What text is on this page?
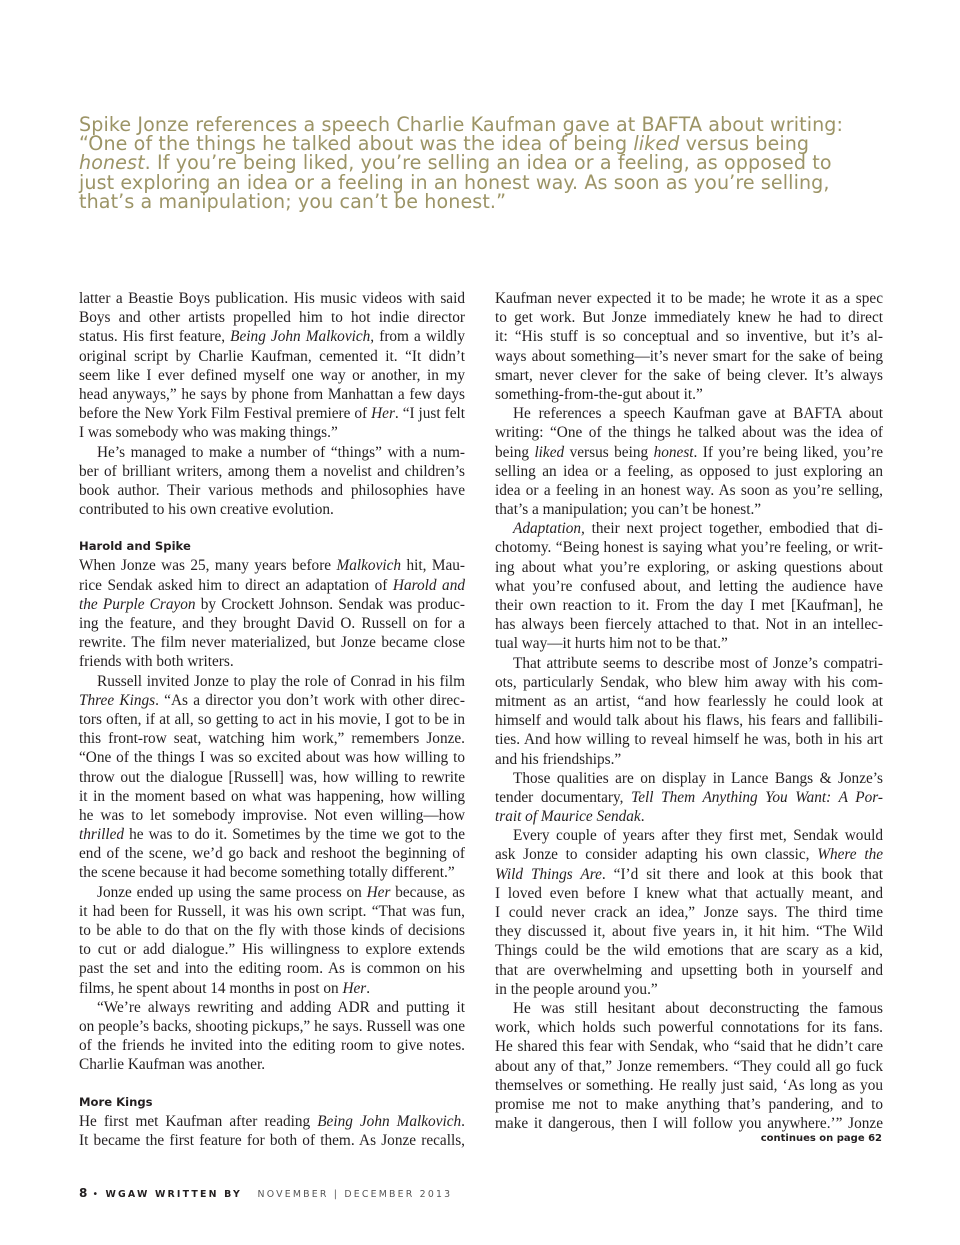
Spike Jonze references a speech Charlie Kaufman gave at BAFTA about writing:
“One of the things he talked about was the idea of being liked versus being
honest. If you’re being liked, you’re selling an idea or a feeling, as opposed to
just exploring an idea or a feeling in an honest way. As soon as you’re selling,
that’s a manipulation; you can’t be honest.”
latter a Beastie Boys publication. His music videos with said
Boys and other artists propelled him to hot indie director
status. His first feature, Being John Malkovich, from a wildly
original script by Charlie Kaufman, cemented it. “It didn’t
seem like I ever defined myself one way or another, in my
head anyways,” he says by phone from Manhattan a few days
before the New York Film Festival premiere of Her. “I just felt
I was somebody who was making things.”
He’s managed to make a number of “things” with a num-
ber of brilliant writers, among them a novelist and children’s
book author. Their various methods and philosophies have
contributed to his own creative evolution.
Harold and Spike
When Jonze was 25, many years before Malkovich hit, Mau-
rice Sendak asked him to direct an adaptation of Harold and
the Purple Crayon by Crockett Johnson. Sendak was produc-
ing the feature, and they brought David O. Russell on for a
rewrite. The film never materialized, but Jonze became close
friends with both writers.
Russell invited Jonze to play the role of Conrad in his film
Three Kings. “As a director you don’t work with other direc-
tors often, if at all, so getting to act in his movie, I got to be in
this front-row seat, watching him work,” remembers Jonze.
“One of the things I was so excited about was how willing to
throw out the dialogue [Russell] was, how willing to rewrite
it in the moment based on what was happening, how willing
he was to let somebody improvise. Not even willing—how
thrilled he was to do it. Sometimes by the time we got to the
end of the scene, we’d go back and reshoot the beginning of
the scene because it had become something totally different.”
Jonze ended up using the same process on Her because, as
it had been for Russell, it was his own script. “That was fun,
to be able to do that on the fly with those kinds of decisions
to cut or add dialogue.” His willingness to explore extends
past the set and into the editing room. As is common on his
films, he spent about 14 months in post on Her.
“We’re always rewriting and adding ADR and putting it
on people’s backs, shooting pickups,” he says. Russell was one
of the friends he invited into the editing room to give notes.
Charlie Kaufman was another.
More Kings
He first met Kaufman after reading Being John Malkovich.
It became the first feature for both of them. As Jonze recalls,
Kaufman never expected it to be made; he wrote it as a spec
to get work. But Jonze immediately knew he had to direct
it: “His stuff is so conceptual and so inventive, but it’s al-
ways about something—it’s never smart for the sake of being
smart, never clever for the sake of being clever. It’s always
something-from-the-gut about it.”
He references a speech Kaufman gave at BAFTA about
writing: “One of the things he talked about was the idea of
being liked versus being honest. If you’re being liked, you’re
selling an idea or a feeling, as opposed to just exploring an
idea or a feeling in an honest way. As soon as you’re selling,
that’s a manipulation; you can’t be honest.”
Adaptation, their next project together, embodied that di-
chotomy. “Being honest is saying what you’re feeling, or writ-
ing about what you’re exploring, or asking questions about
what you’re confused about, and letting the audience have
their own reaction to it. From the day I met [Kaufman], he
has always been fiercely attached to that. Not in an intellec-
tual way—it hurts him not to be that.”
That attribute seems to describe most of Jonze’s compatri-
ots, particularly Sendak, who blew him away with his com-
mitment as an artist, “and how fearlessly he could look at
himself and would talk about his flaws, his fears and fallibili-
ties. And how willing to reveal himself he was, both in his art
and his friendships.”
Those qualities are on display in Lance Bangs & Jonze’s
tender documentary, Tell Them Anything You Want: A Por-
trait of Maurice Sendak.
Every couple of years after they first met, Sendak would
ask Jonze to consider adapting his own classic, Where the
Wild Things Are. “I’d sit there and look at this book that
I loved even before I knew what that actually meant, and
I could never crack an idea,” Jonze says. The third time
they discussed it, about five years in, it hit him. “The Wild
Things could be the wild emotions that are scary as a kid,
that are overwhelming and upsetting both in yourself and
in the people around you.”
He was still hesitant about deconstructing the famous
work, which holds such powerful connotations for its fans.
He shared this fear with Sendak, who “said that he didn’t care
about any of that,” Jonze remembers. “They could all go fuck
themselves or something. He really just said, ‘As long as you
promise me not to make anything that’s pandering, and to
make it dangerous, then I will follow you anywhere.’” Jonze
continues on page 62
8 • WGAW WRITTEN BY NOVEMBER | DECEMBER 2013
